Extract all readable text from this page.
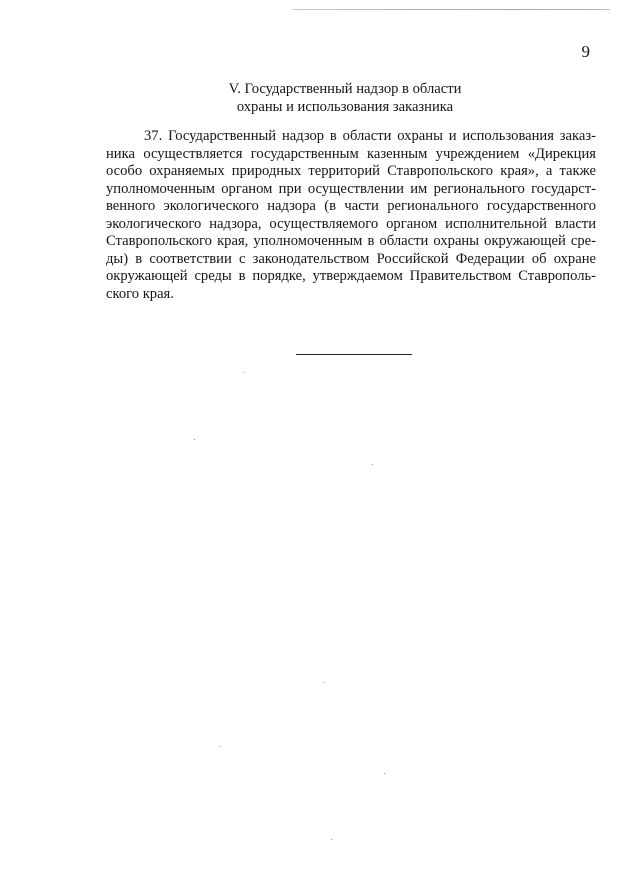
9
V. Государственный надзор в области
охраны и использования заказника
37. Государственный надзор в области охраны и использования заказ-
ника осуществляется государственным казенным учреждением «Дирекция
особо охраняемых природных территорий Ставропольского края», а также
уполномоченным органом при осуществлении им регионального государст-
венного экологического надзора (в части регионального государственного
экологического надзора, осуществляемого органом исполнительной власти
Ставропольского края, уполномоченным в области охраны окружающей сре-
ды) в соответствии с законодательством Российской Федерации об охране
окружающей среды в порядке, утверждаемом Правительством Ставрополь-
ского края.
